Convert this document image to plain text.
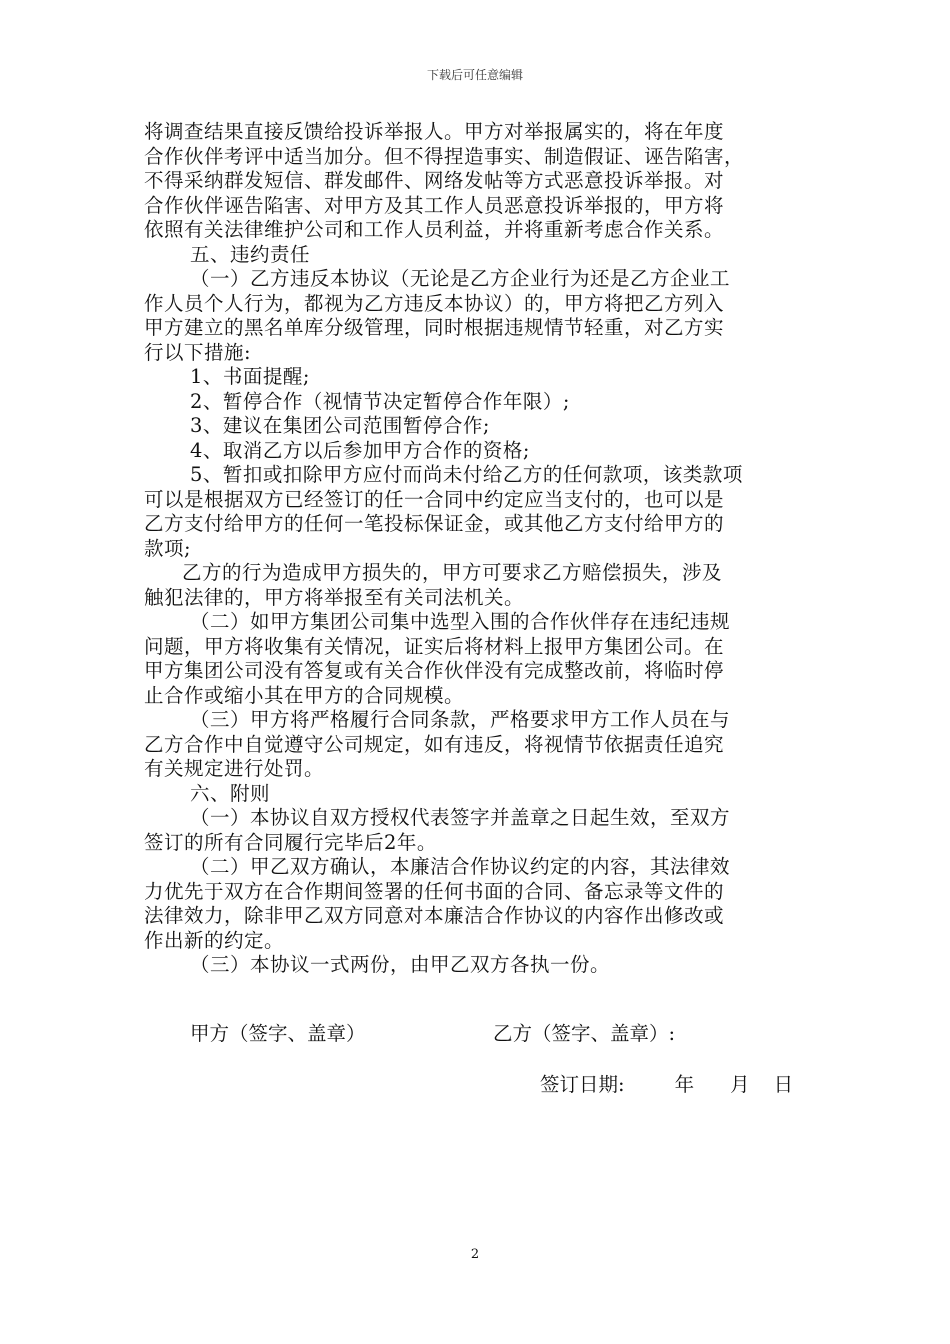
下载后可任意编辑
将调查结果直接反馈给投诉举报人。甲方对举报属实的，将在年度
合作伙伴考评中适当加分。但不得捏造事实、制造假证、诬告陷害，
不得采纳群发短信、群发邮件、网络发帖等方式恶意投诉举报。对
合作伙伴诬告陷害、对甲方及其工作人员恶意投诉举报的，甲方将
依照有关法律维护公司和工作人员利益，并将重新考虑合作关系。
五、违约责任
（一）乙方违反本协议（无论是乙方企业行为还是乙方企业工
作人员个人行为，都视为乙方违反本协议）的，甲方将把乙方列入
甲方建立的黑名单库分级管理，同时根据违规情节轻重，对乙方实
行以下措施:
1、书面提醒;
2、暂停合作（视情节决定暂停合作年限）;
3、建议在集团公司范围暂停合作;
4、取消乙方以后参加甲方合作的资格;
5、暂扣或扣除甲方应付而尚未付给乙方的任何款项，该类款项
可以是根据双方已经签订的任一合同中约定应当支付的，也可以是
乙方支付给甲方的任何一笔投标保证金，或其他乙方支付给甲方的
款项;
乙方的行为造成甲方损失的，甲方可要求乙方赔偿损失，涉及
触犯法律的，甲方将举报至有关司法机关。
（二）如甲方集团公司集中选型入围的合作伙伴存在违纪违规
问题，甲方将收集有关情况，证实后将材料上报甲方集团公司。在
甲方集团公司没有答复或有关合作伙伴没有完成整改前，将临时停
止合作或缩小其在甲方的合同规模。
（三）甲方将严格履行合同条款，严格要求甲方工作人员在与
乙方合作中自觉遵守公司规定，如有违反，将视情节依据责任追究
有关规定进行处罚。
六、附则
（一）本协议自双方授权代表签字并盖章之日起生效，至双方
签订的所有合同履行完毕后2年。
（二）甲乙双方确认，本廉洁合作协议约定的内容，其法律效
力优先于双方在合作期间签署的任何书面的合同、备忘录等文件的
法律效力，除非甲乙双方同意对本廉洁合作协议的内容作出修改或
作出新的约定。
（三）本协议一式两份，由甲乙双方各执一份。
甲方（签字、盖章）	乙方（签字、盖章）:
签订日期:	年 月 日
2
